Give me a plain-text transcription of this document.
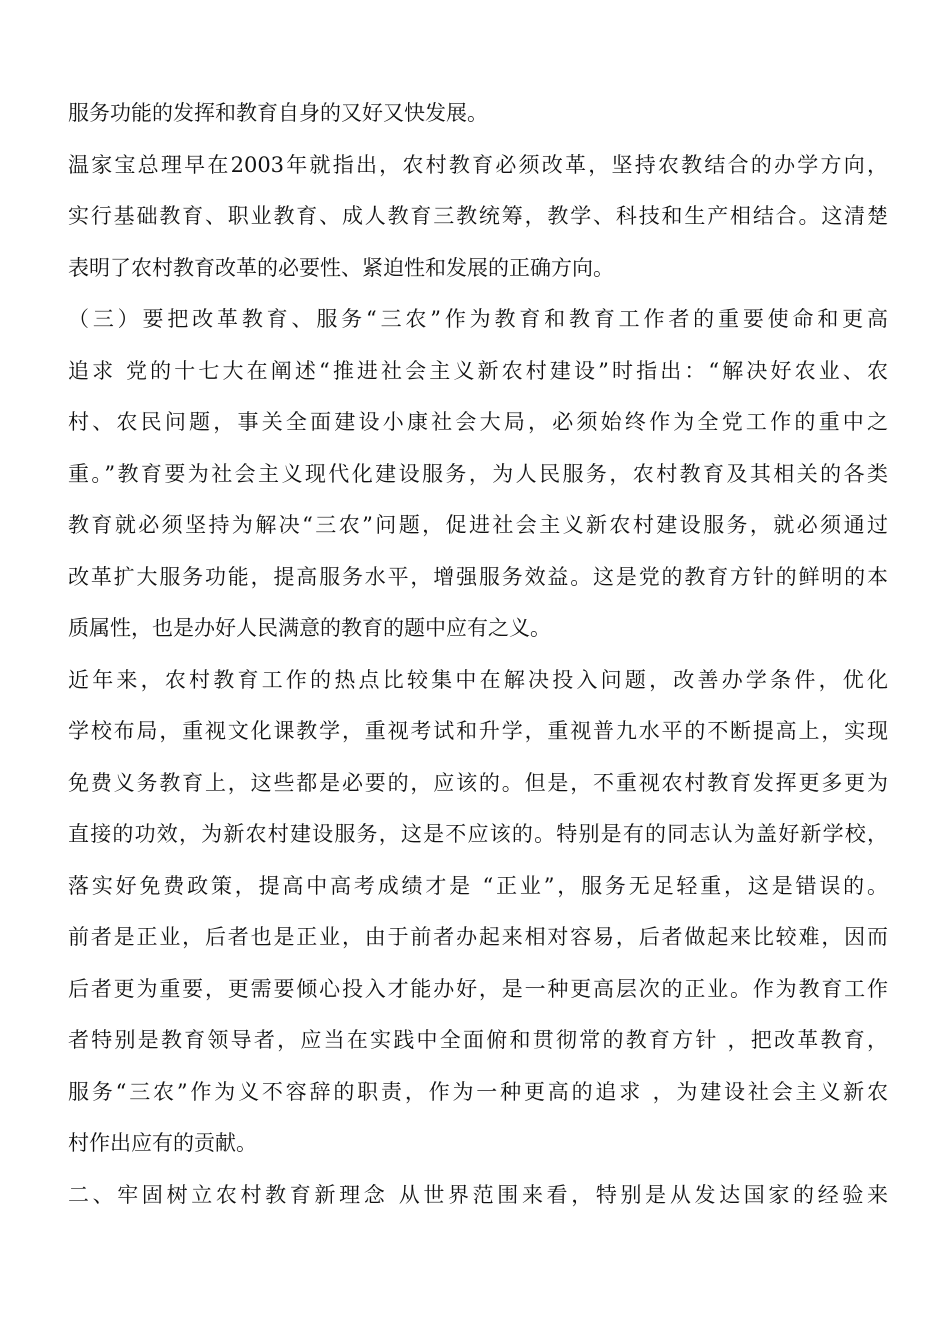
服务功能的发挥和教育自身的又好又快发展。
温家宝总理早在2003年就指出，农村教育必须改革，坚持农教结合的办学方向，
实行基础教育、职业教育、成人教育三教统筹，教学、科技和生产相结合。这清楚
表明了农村教育改革的必要性、紧迫性和发展的正确方向。
（三）要把改革教育、服务“三农”作为教育和教育工作者的重要使命和更高
追求 党的十七大在阐述“推进社会主义新农村建设”时指出：“解决好农业、农
村、农民问题，事关全面建设小康社会大局，必须始终作为全党工作的重中之
重。”教育要为社会主义现代化建设服务，为人民服务，农村教育及其相关的各类
教育就必须坚持为解决“三农”问题，促进社会主义新农村建设服务，就必须通过
改革扩大服务功能，提高服务水平，增强服务效益。这是党的教育方针的鲜明的本
质属性，也是办好人民满意的教育的题中应有之义。
近年来，农村教育工作的热点比较集中在解决投入问题，改善办学条件，优化
学校布局，重视文化课教学，重视考试和升学，重视普九水平的不断提高上，实现
免费义务教育上，这些都是必要的，应该的。但是，不重视农村教育发挥更多更为
直接的功效，为新农村建设服务，这是不应该的。特别是有的同志认为盖好新学校，
落实好免费政策，提高中高考成绩才是 “正业”，服务无足轻重，这是错误的。
前者是正业，后者也是正业，由于前者办起来相对容易，后者做起来比较难，因而
后者更为重要，更需要倾心投入才能办好，是一种更高层次的正业。作为教育工作
者特别是教育领导者，应当在实践中全面俯和贯彻常的教育方针 ，把改革教育，
服务“三农”作为义不容辞的职责，作为一种更高的追求 ，为建设社会主义新农
村作出应有的贡献。
二、牢固树立农村教育新理念 从世界范围来看，特别是从发达国家的经验来
